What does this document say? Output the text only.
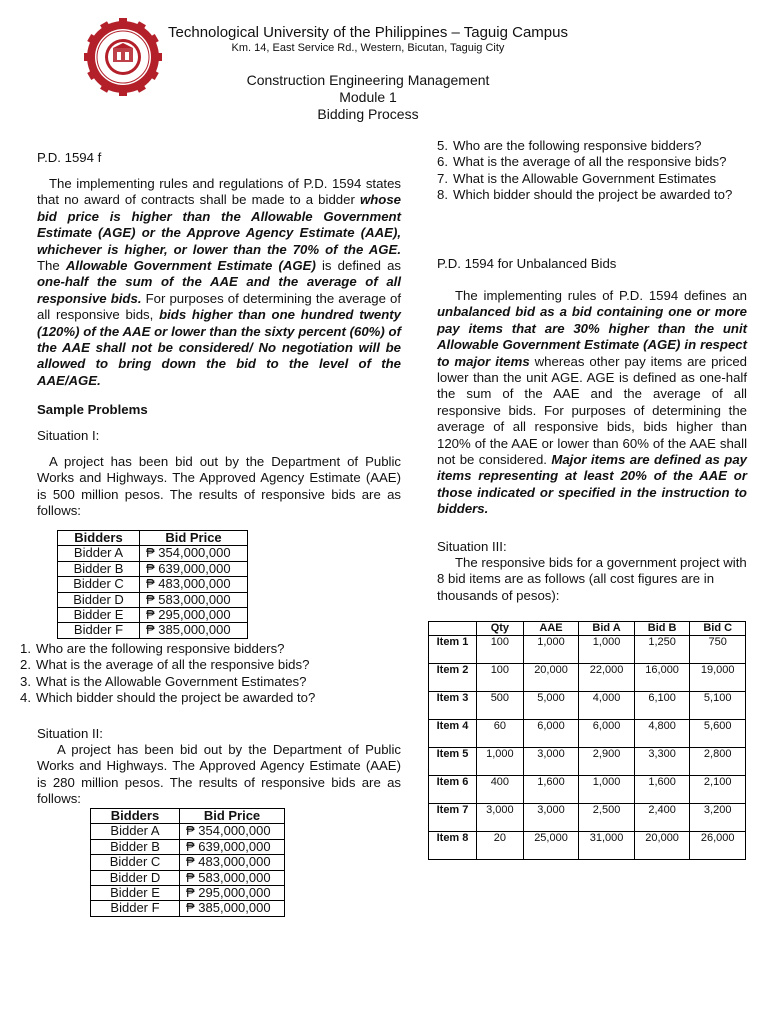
Technological University of the Philippines – Taguig Campus
Km. 14, East Service Rd., Western, Bicutan, Taguig City
Construction Engineering Management
Module 1
Bidding Process
P.D. 1594 f
The implementing rules and regulations of P.D. 1594 states that no award of contracts shall be made to a bidder whose bid price is higher than the Allowable Government Estimate (AGE) or the Approve Agency Estimate (AAE), whichever is higher, or lower than the 70% of the AGE. The Allowable Government Estimate (AGE) is defined as one-half the sum of the AAE and the average of all responsive bids. For purposes of determining the average of all responsive bids, bids higher than one hundred twenty (120%) of the AAE or lower than the sixty percent (60%) of the AAE shall not be considered/ No negotiation will be allowed to bring down the bid to the level of the AAE/AGE.
Sample Problems
Situation I:
A project has been bid out by the Department of Public Works and Highways. The Approved Agency Estimate (AAE) is 500 million pesos. The results of responsive bids are as follows:
Bidders	Bid Price
Bidder A	₱ 354,000,000
Bidder B	₱ 639,000,000
Bidder C	₱ 483,000,000
Bidder D	₱ 583,000,000
Bidder E	₱ 295,000,000
Bidder F	₱ 385,000,000
1. Who are the following responsive bidders?
2. What is the average of all the responsive bids?
3. What is the Allowable Government Estimates?
4. Which bidder should the project be awarded to?
Situation II:
A project has been bid out by the Department of Public Works and Highways. The Approved Agency Estimate (AAE) is 280 million pesos. The results of responsive bids are as follows:
Bidders	Bid Price
Bidder A	₱ 354,000,000
Bidder B	₱ 639,000,000
Bidder C	₱ 483,000,000
Bidder D	₱ 583,000,000
Bidder E	₱ 295,000,000
Bidder F	₱ 385,000,000
5. Who are the following responsive bidders?
6. What is the average of all the responsive bids?
7. What is the Allowable Government Estimates
8. Which bidder should the project be awarded to?
P.D. 1594 for Unbalanced Bids
The implementing rules of P.D. 1594 defines an unbalanced bid as a bid containing one or more pay items that are 30% higher than the unit Allowable Government Estimate (AGE) in respect to major items whereas other pay items are priced lower than the unit AGE. AGE is defined as one-half the sum of the AAE and the average of all responsive bids. For purposes of determining the average of all responsive bids, bids higher than 120% of the AAE or lower than 60% of the AAE shall not be considered. Major items are defined as pay items representing at least 20% of the AAE or those indicated or specified in the instruction to bidders.
Situation III:
The responsive bids for a government project with 8 bid items are as follows (all cost figures are in thousands of pesos):
	Qty	AAE	Bid A	Bid B	Bid C
Item 1	100	1,000	1,000	1,250	750
Item 2	100	20,000	22,000	16,000	19,000
Item 3	500	5,000	4,000	6,100	5,100
Item 4	60	6,000	6,000	4,800	5,600
Item 5	1,000	3,000	2,900	3,300	2,800
Item 6	400	1,600	1,000	1,600	2,100
Item 7	3,000	3,000	2,500	2,400	3,200
Item 8	20	25,000	31,000	20,000	26,000
